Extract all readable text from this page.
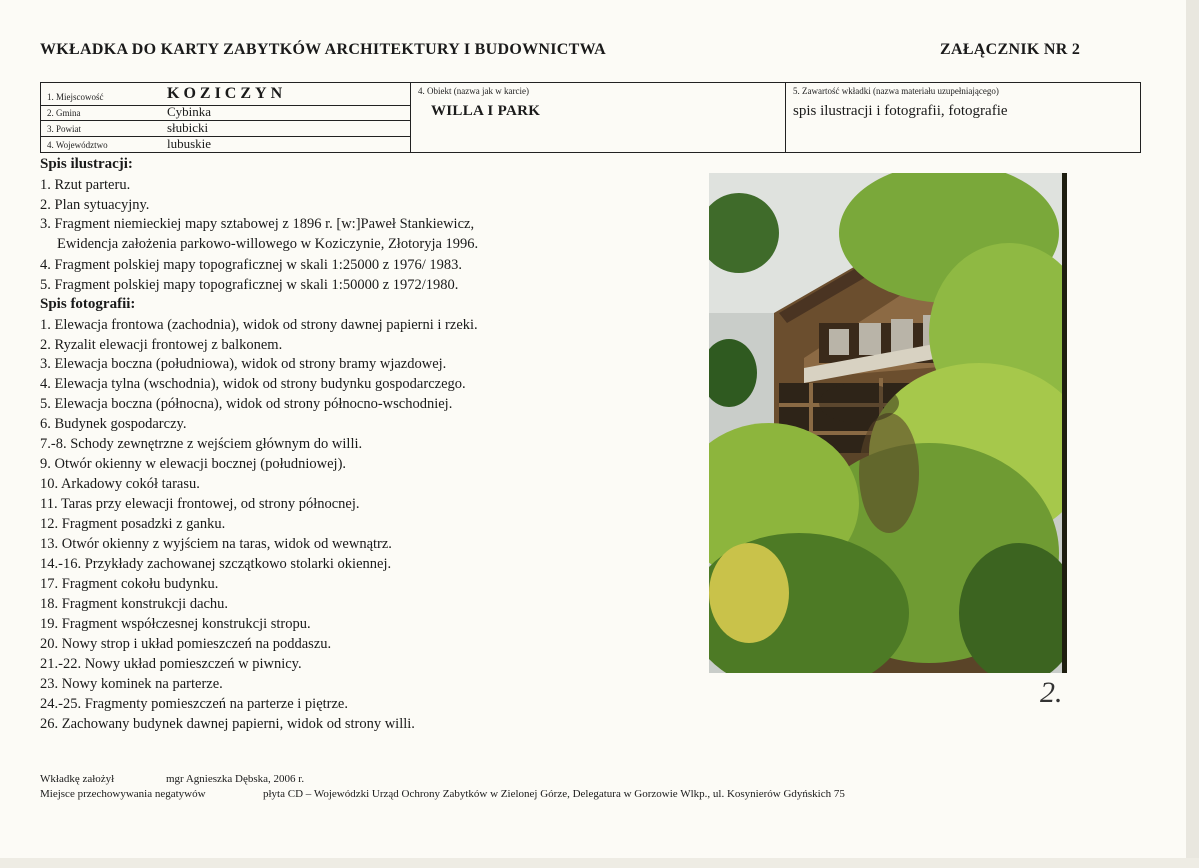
WKŁADKA DO KARTY ZABYTKÓW ARCHITEKTURY I BUDOWNICTWA	ZAŁĄCZNIK NR 2
1. Miejscowość	KOZICZYN
2. Gmina	Cybinka
3. Powiat	słubicki
4. Województwo	lubuskie
4. Obiekt (nazwa jak w karcie)
WILLA I PARK
5. Zawartość wkładki (nazwa materiału uzupełniającego)
spis ilustracji i fotografii, fotografie
Spis ilustracji:
1. Rzut parteru.
2. Plan sytuacyjny.
3. Fragment niemieckiej mapy sztabowej z 1896 r. [w:]Paweł Stankiewicz,
Ewidencja założenia parkowo-willowego w Koziczynie, Złotoryja 1996.
4. Fragment polskiej mapy topograficznej w skali 1:25000 z 1976/ 1983.
5. Fragment polskiej mapy topograficznej w skali 1:50000 z 1972/1980.
Spis fotografii:
1. Elewacja frontowa (zachodnia), widok od strony dawnej papierni i rzeki.
2. Ryzalit elewacji frontowej z balkonem.
3. Elewacja boczna (południowa), widok od strony bramy wjazdowej.
4. Elewacja tylna (wschodnia), widok od strony budynku gospodarczego.
5. Elewacja boczna (północna), widok od strony północno-wschodniej.
6. Budynek gospodarczy.
7.-8. Schody zewnętrzne z wejściem głównym do willi.
9. Otwór okienny w elewacji bocznej (południowej).
10. Arkadowy cokół tarasu.
11. Taras przy elewacji frontowej, od strony północnej.
12. Fragment posadzki z ganku.
13. Otwór okienny z wyjściem na taras, widok od wewnątrz.
14.-16. Przykłady zachowanej szczątkowo stolarki okiennej.
17. Fragment cokołu budynku.
18. Fragment konstrukcji dachu.
19. Fragment współczesnej konstrukcji stropu.
20. Nowy strop i układ pomieszczeń na poddaszu.
21.-22. Nowy układ pomieszczeń w piwnicy.
23. Nowy kominek na parterze.
24.-25. Fragmenty pomieszczeń na parterze i piętrze.
26. Zachowany budynek dawnej papierni, widok od strony willi.
2.
Wkładkę założył	mgr Agnieszka Dębska, 2006 r.
Miejsce przechowywania negatywów	płyta CD – Wojewódzki Urząd Ochrony Zabytków w Zielonej Górze, Delegatura w Gorzowie Wlkp., ul. Kosynierów Gdyńskich 75
